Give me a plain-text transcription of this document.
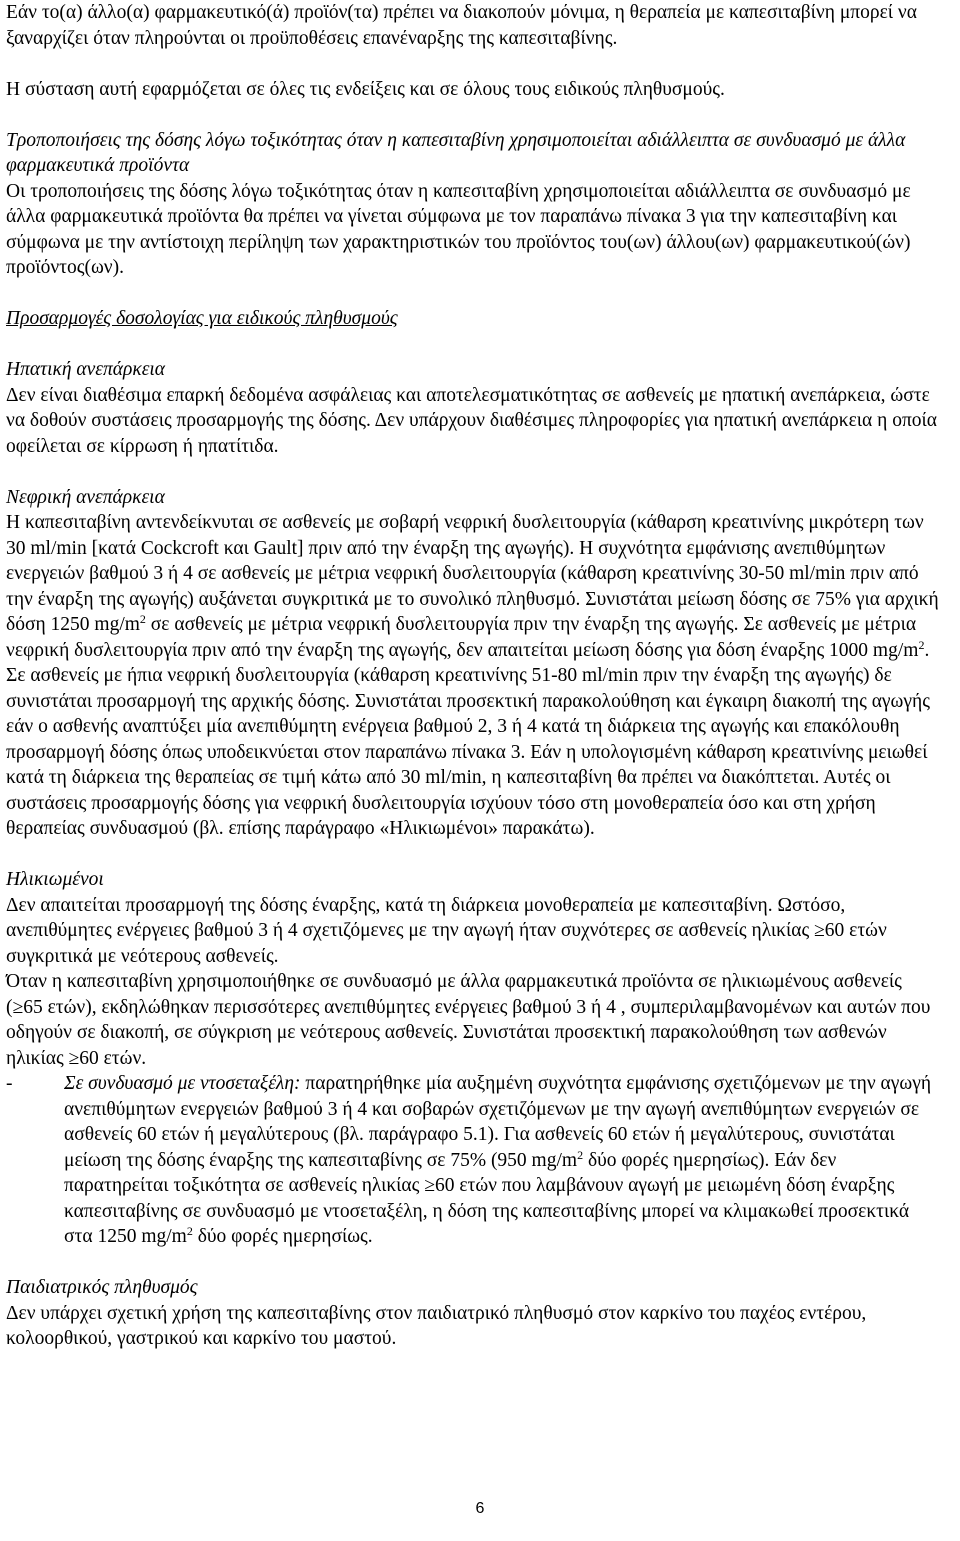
Εάν το(α) άλλο(α) φαρμακευτικό(ά) προϊόν(τα) πρέπει να διακοπούν μόνιμα, η θεραπεία με καπεσιταβίνη μπορεί να ξαναρχίζει όταν πληρούνται οι προϋποθέσεις επανέναρξης της καπεσιταβίνης.

Η σύσταση αυτή εφαρμόζεται σε όλες τις ενδείξεις και σε όλους τους ειδικούς πληθυσμούς.

Τροποποιήσεις της δόσης λόγω τοξικότητας όταν η καπεσιταβίνη χρησιμοποιείται αδιάλλειπτα σε συνδυασμό με άλλα φαρμακευτικά προϊόντα

Οι τροποποιήσεις της δόσης λόγω τοξικότητας όταν η καπεσιταβίνη χρησιμοποιείται αδιάλλειπτα σε συνδυασμό με άλλα φαρμακευτικά προϊόντα θα πρέπει να γίνεται σύμφωνα με τον παραπάνω πίνακα 3 για την καπεσιταβίνη και σύμφωνα με την αντίστοιχη περίληψη των χαρακτηριστικών του προϊόντος του(ων) άλλου(ων) φαρμακευτικού(ών) προϊόντος(ων).

Προσαρμογές δοσολογίας για ειδικούς πληθυσμούς

Ηπατική ανεπάρκεια

Δεν είναι διαθέσιμα επαρκή δεδομένα ασφάλειας και αποτελεσματικότητας σε ασθενείς με ηπατική ανεπάρκεια, ώστε να δοθούν συστάσεις προσαρμογής της δόσης. Δεν υπάρχουν διαθέσιμες πληροφορίες για ηπατική ανεπάρκεια η οποία οφείλεται σε κίρρωση ή ηπατίτιδα.

Νεφρική ανεπάρκεια

Η καπεσιταβίνη αντενδείκνυται σε ασθενείς με σοβαρή νεφρική δυσλειτουργία (κάθαρση κρεατινίνης μικρότερη των 30 ml/min [κατά Cockcroft και Gault] πριν από την έναρξη της αγωγής). Η συχνότητα εμφάνισης ανεπιθύμητων ενεργειών βαθμού 3 ή 4 σε ασθενείς με μέτρια νεφρική δυσλειτουργία (κάθαρση κρεατινίνης 30-50 ml/min πριν από την έναρξη της αγωγής) αυξάνεται συγκριτικά με το συνολικό πληθυσμό. Συνιστάται μείωση δόσης σε 75% για αρχική δόση 1250 $mg/m^2$ σε ασθενείς με μέτρια νεφρική δυσλειτουργία πριν την έναρξη της αγωγής. Σε ασθενείς με μέτρια νεφρική δυσλειτουργία πριν από την έναρξη της αγωγής, δεν απαιτείται μείωση δόσης για δόση έναρξης 1000 $mg/m^2$. Σε ασθενείς με ήπια νεφρική δυσλειτουργία (κάθαρση κρεατινίνης 51-80 ml/min πριν την έναρξη της αγωγής) δε συνιστάται προσαρμογή της αρχικής δόσης. Συνιστάται προσεκτική παρακολούθηση και έγκαιρη διακοπή της αγωγής εάν ο ασθενής αναπτύξει μία ανεπιθύμητη ενέργεια βαθμού 2, 3 ή 4 κατά τη διάρκεια της αγωγής και επακόλουθη προσαρμογή δόσης όπως υποδεικνύεται στον παραπάνω πίνακα 3. Εάν η υπολογισμένη κάθαρση κρεατινίνης μειωθεί κατά τη διάρκεια της θεραπείας σε τιμή κάτω από 30 ml/min, η καπεσιταβίνη θα πρέπει να διακόπτεται. Αυτές οι συστάσεις προσαρμογής δόσης για νεφρική δυσλειτουργία ισχύουν τόσο στη μονοθεραπεία όσο και στη χρήση θεραπείας συνδυασμού (βλ. επίσης παράγραφο «Ηλικιωμένοι» παρακάτω).

Ηλικιωμένοι

Δεν απαιτείται προσαρμογή της δόσης έναρξης, κατά τη διάρκεια μονοθεραπεία με καπεσιταβίνη. Ωστόσο, ανεπιθύμητες ενέργειες βαθμού 3 ή 4 σχετιζόμενες με την αγωγή ήταν συχνότερες σε ασθενείς ηλικίας ≥60 ετών συγκριτικά με νεότερους ασθενείς.

Όταν η καπεσιταβίνη χρησιμοποιήθηκε σε συνδυασμό με άλλα φαρμακευτικά προϊόντα σε ηλικιωμένους ασθενείς (≥65 ετών), εκδηλώθηκαν περισσότερες ανεπιθύμητες ενέργειες βαθμού 3 ή 4 , συμπεριλαμβανομένων και αυτών που οδηγούν σε διακοπή, σε σύγκριση με νεότερους ασθενείς. Συνιστάται προσεκτική παρακολούθηση των ασθενών ηλικίας ≥60 ετών.

-	Σε συνδυασμό με ντοσεταξέλη: παρατηρήθηκε μία αυξημένη συχνότητα εμφάνισης σχετιζόμενων με την αγωγή ανεπιθύμητων ενεργειών βαθμού 3 ή 4 και σοβαρών σχετιζόμενων με την αγωγή ανεπιθύμητων ενεργειών σε ασθενείς 60 ετών ή μεγαλύτερους (βλ. παράγραφο 5.1). Για ασθενείς 60 ετών ή μεγαλύτερους, συνιστάται μείωση της δόσης έναρξης της καπεσιταβίνης σε 75% (950 $mg/m^2$ δύο φορές ημερησίως). Εάν δεν παρατηρείται τοξικότητα σε ασθενείς ηλικίας ≥60 ετών που λαμβάνουν αγωγή με μειωμένη δόση έναρξης καπεσιταβίνης σε συνδυασμό με ντοσεταξέλη, η δόση της καπεσιταβίνης μπορεί να κλιμακωθεί προσεκτικά στα 1250 $mg/m^2$ δύο φορές ημερησίως.

Παιδιατρικός πληθυσμός

Δεν υπάρχει σχετική χρήση της καπεσιταβίνης στον παιδιατρικό πληθυσμό στον καρκίνο του παχέος εντέρου, κολοορθικού, γαστρικού και καρκίνο του μαστού.

6
